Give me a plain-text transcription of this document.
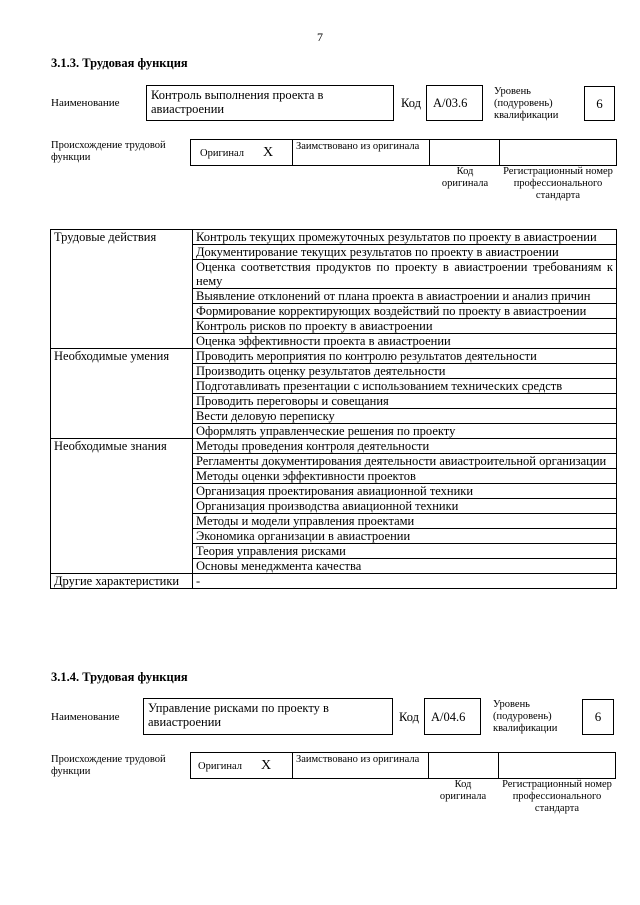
7
3.1.3. Трудовая функция
Наименование
Контроль выполнения проекта в авиастроении	Код А/03.6
Уровень (подуровень) квалификации
6
Происхождение трудовой функции	Оригинал Х	Заимствовано из оригинала
Код оригинала
Регистрационный номер профессионального стандарта
Трудовые действия	Контроль текущих промежуточных результатов по проекту в авиастроении
	Документирование текущих результатов по проекту в авиастроении
	Оценка соответствия продуктов по проекту в авиастроении требованиям к нему
	Выявление отклонений от плана проекта в авиастроении и анализ причин
	Формирование корректирующих воздействий по проекту в авиастроении
	Контроль рисков по проекту в авиастроении
	Оценка эффективности проекта в авиастроении
Необходимые умения	Проводить мероприятия по контролю результатов деятельности
	Производить оценку результатов деятельности
	Подготавливать презентации с использованием технических средств
	Проводить переговоры и совещания
	Вести деловую переписку
	Оформлять управленческие решения по проекту
Необходимые знания	Методы проведения контроля деятельности
	Регламенты документирования деятельности авиастроительной организации
	Методы оценки эффективности проектов
	Организация проектирования авиационной техники
	Организация производства авиационной техники
	Методы и модели управления проектами
	Экономика организации в авиастроении
	Теория управления рисками
	Основы менеджмента качества
Другие характеристики	-
3.1.4. Трудовая функция
Наименование
Управление рисками по проекту в авиастроении	Код А/04.6
Уровень (подуровень) квалификации
6
Происхождение трудовой функции	Оригинал Х	Заимствовано из оригинала
Код оригинала
Регистрационный номер профессионального стандарта
